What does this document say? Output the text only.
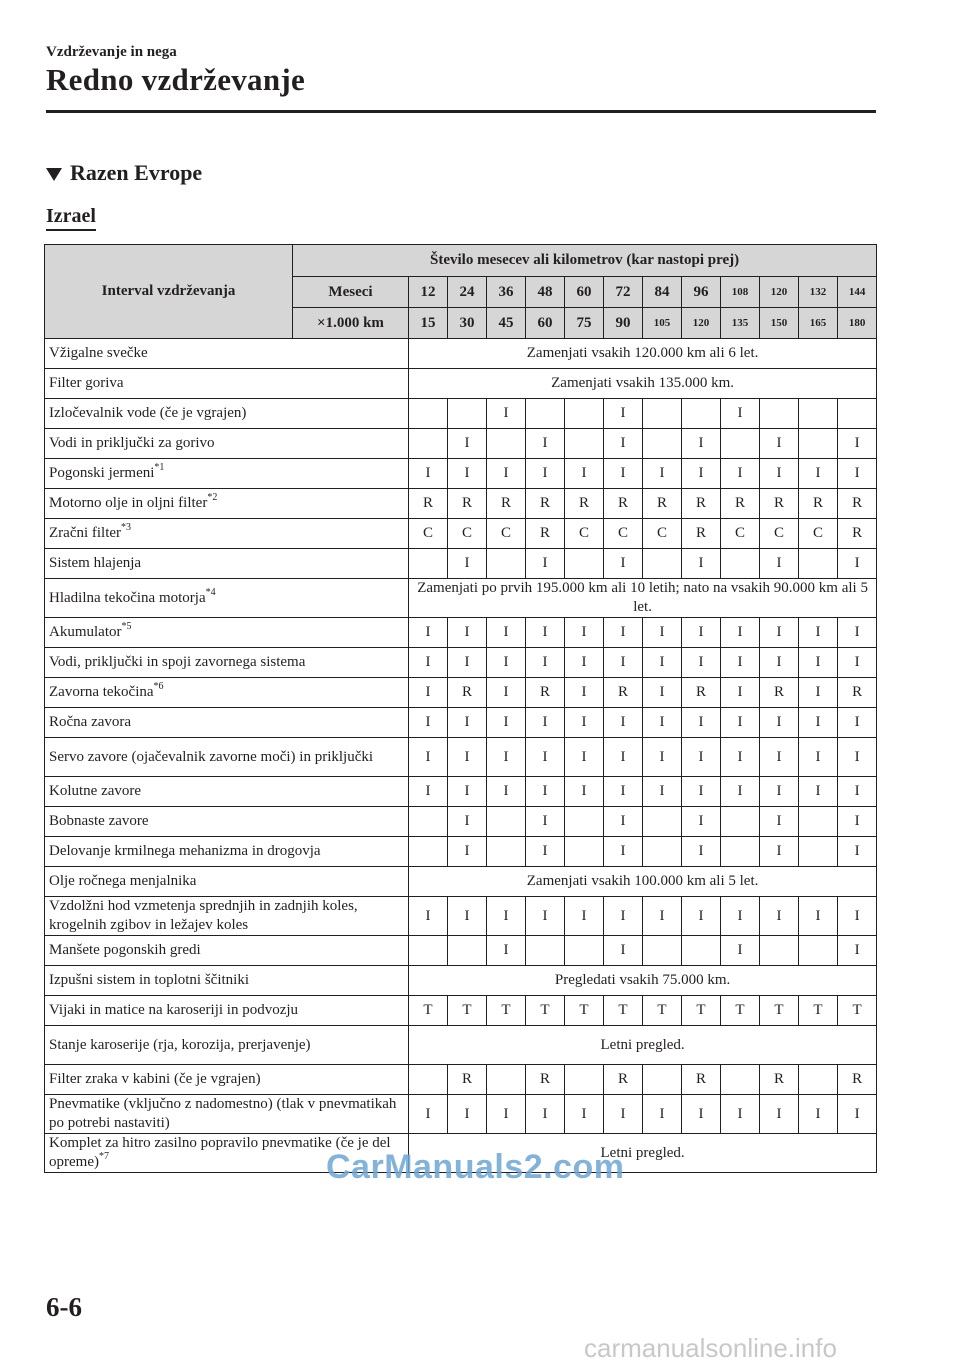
Vzdrževanje in nega
Redno vzdrževanje
Razen Evrope
Izrael
Interval vzdrževanja	Število mesecev ali kilometrov (kar nastopi prej)												
	Meseci	12	24	36	48	60	72	84	96	108	120	132	144
	×1.000 km	15	30	45	60	75	90	105	120	135	150	165	180
Vžigalne svečke		Zamenjati vsakih 120.000 km ali 6 let.											
Filter goriva		Zamenjati vsakih 135.000 km.											
Izločevalnik vode (če je vgrajen)				I			I			I			
Vodi in priključki za gorivo			I		I		I		I		I		I
Pogonski jermeni$^{*1}$		I	I	I	I	I	I	I	I	I	I	I	I
Motorno olje in oljni filter$^{*2}$		R	R	R	R	R	R	R	R	R	R	R	R
Zračni filter$^{*3}$		C	C	C	R	C	C	C	R	C	C	C	R
Sistem hlajenja			I		I		I		I		I		I
Hladilna tekočina motorja$^{*4}$		Zamenjati po prvih 195.000 km ali 10 letih; nato na vsakih 90.000 km ali 5 let.											
Akumulator$^{*5}$		I	I	I	I	I	I	I	I	I	I	I	I
Vodi, priključki in spoji zavornega sistema		I	I	I	I	I	I	I	I	I	I	I	I
Zavorna tekočina$^{*6}$		I	R	I	R	I	R	I	R	I	R	I	R
Ročna zavora		I	I	I	I	I	I	I	I	I	I	I	I
Servo zavore (ojačevalnik zavorne moči) in priključki		I	I	I	I	I	I	I	I	I	I	I	I
Kolutne zavore		I	I	I	I	I	I	I	I	I	I	I	I
Bobnaste zavore			I		I		I		I		I		I
Delovanje krmilnega mehanizma in drogovja			I		I		I		I		I		I
Olje ročnega menjalnika		Zamenjati vsakih 100.000 km ali 5 let.											
Vzdolžni hod vzmetenja sprednjih in zadnjih koles, krogelnih zgibov in ležajev koles		I	I	I	I	I	I	I	I	I	I	I	I
Manšete pogonskih gredi				I			I			I			I
Izpušni sistem in toplotni ščitniki		Pregledati vsakih 75.000 km.											
Vijaki in matice na karoseriji in podvozju		T	T	T	T	T	T	T	T	T	T	T	T
Stanje karoserije (rja, korozija, prerjavenje)		Letni pregled.											
Filter zraka v kabini (če je vgrajen)			R		R		R		R		R		R
Pnevmatike (vključno z nadomestno) (tlak v pnevmatikah po potrebi nastaviti)		I	I	I	I	I	I	I	I	I	I	I	I
Komplet za hitro zasilno popravilo pnevmatike (če je del opreme)$^{*7}$		Letni pregled.											
CarManuals2.com
6-6
carmanualsonline.info
